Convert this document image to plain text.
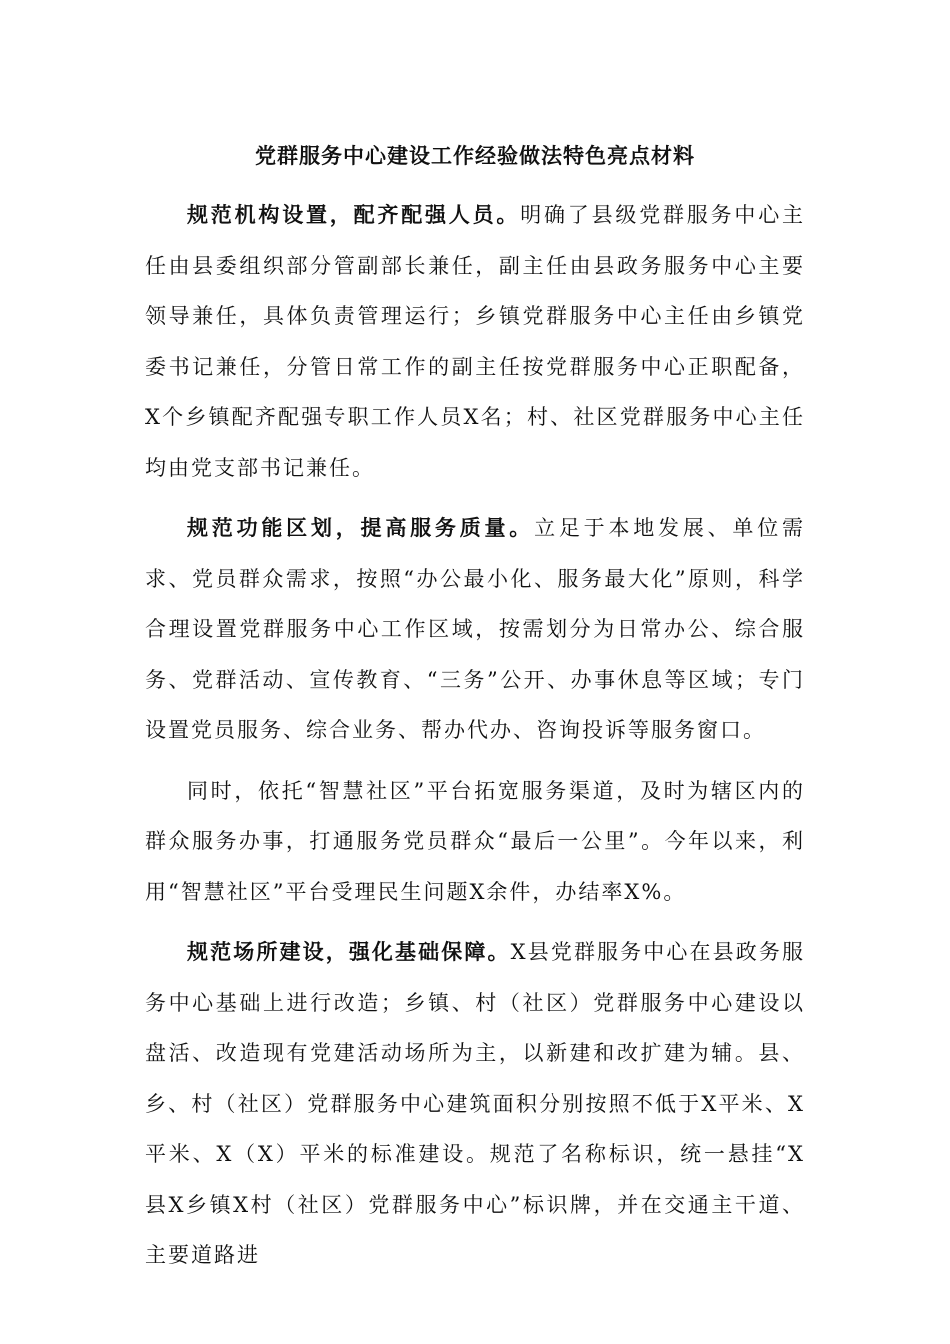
党群服务中心建设工作经验做法特色亮点材料

规范机构设置，配齐配强人员。明确了县级党群服务中心主任由县委组织部分管副部长兼任，副主任由县政务服务中心主要领导兼任，具体负责管理运行；乡镇党群服务中心主任由乡镇党委书记兼任，分管日常工作的副主任按党群服务中心正职配备，X个乡镇配齐配强专职工作人员X名；村、社区党群服务中心主任均由党支部书记兼任。

规范功能区划，提高服务质量。立足于本地发展、单位需求、党员群众需求，按照“办公最小化、服务最大化”原则，科学合理设置党群服务中心工作区域，按需划分为日常办公、综合服务、党群活动、宣传教育、“三务”公开、办事休息等区域；专门设置党员服务、综合业务、帮办代办、咨询投诉等服务窗口。

同时，依托“智慧社区”平台拓宽服务渠道，及时为辖区内的群众服务办事，打通服务党员群众“最后一公里”。今年以来，利用“智慧社区”平台受理民生问题X余件，办结率X%。

规范场所建设，强化基础保障。X县党群服务中心在县政务服务中心基础上进行改造；乡镇、村（社区）党群服务中心建设以盘活、改造现有党建活动场所为主，以新建和改扩建为辅。县、乡、村（社区）党群服务中心建筑面积分别按照不低于X平米、X平米、X（X）平米的标准建设。规范了名称标识，统一悬挂“X县X乡镇X村（社区）党群服务中心”标识牌，并在交通主干道、主要道路进
